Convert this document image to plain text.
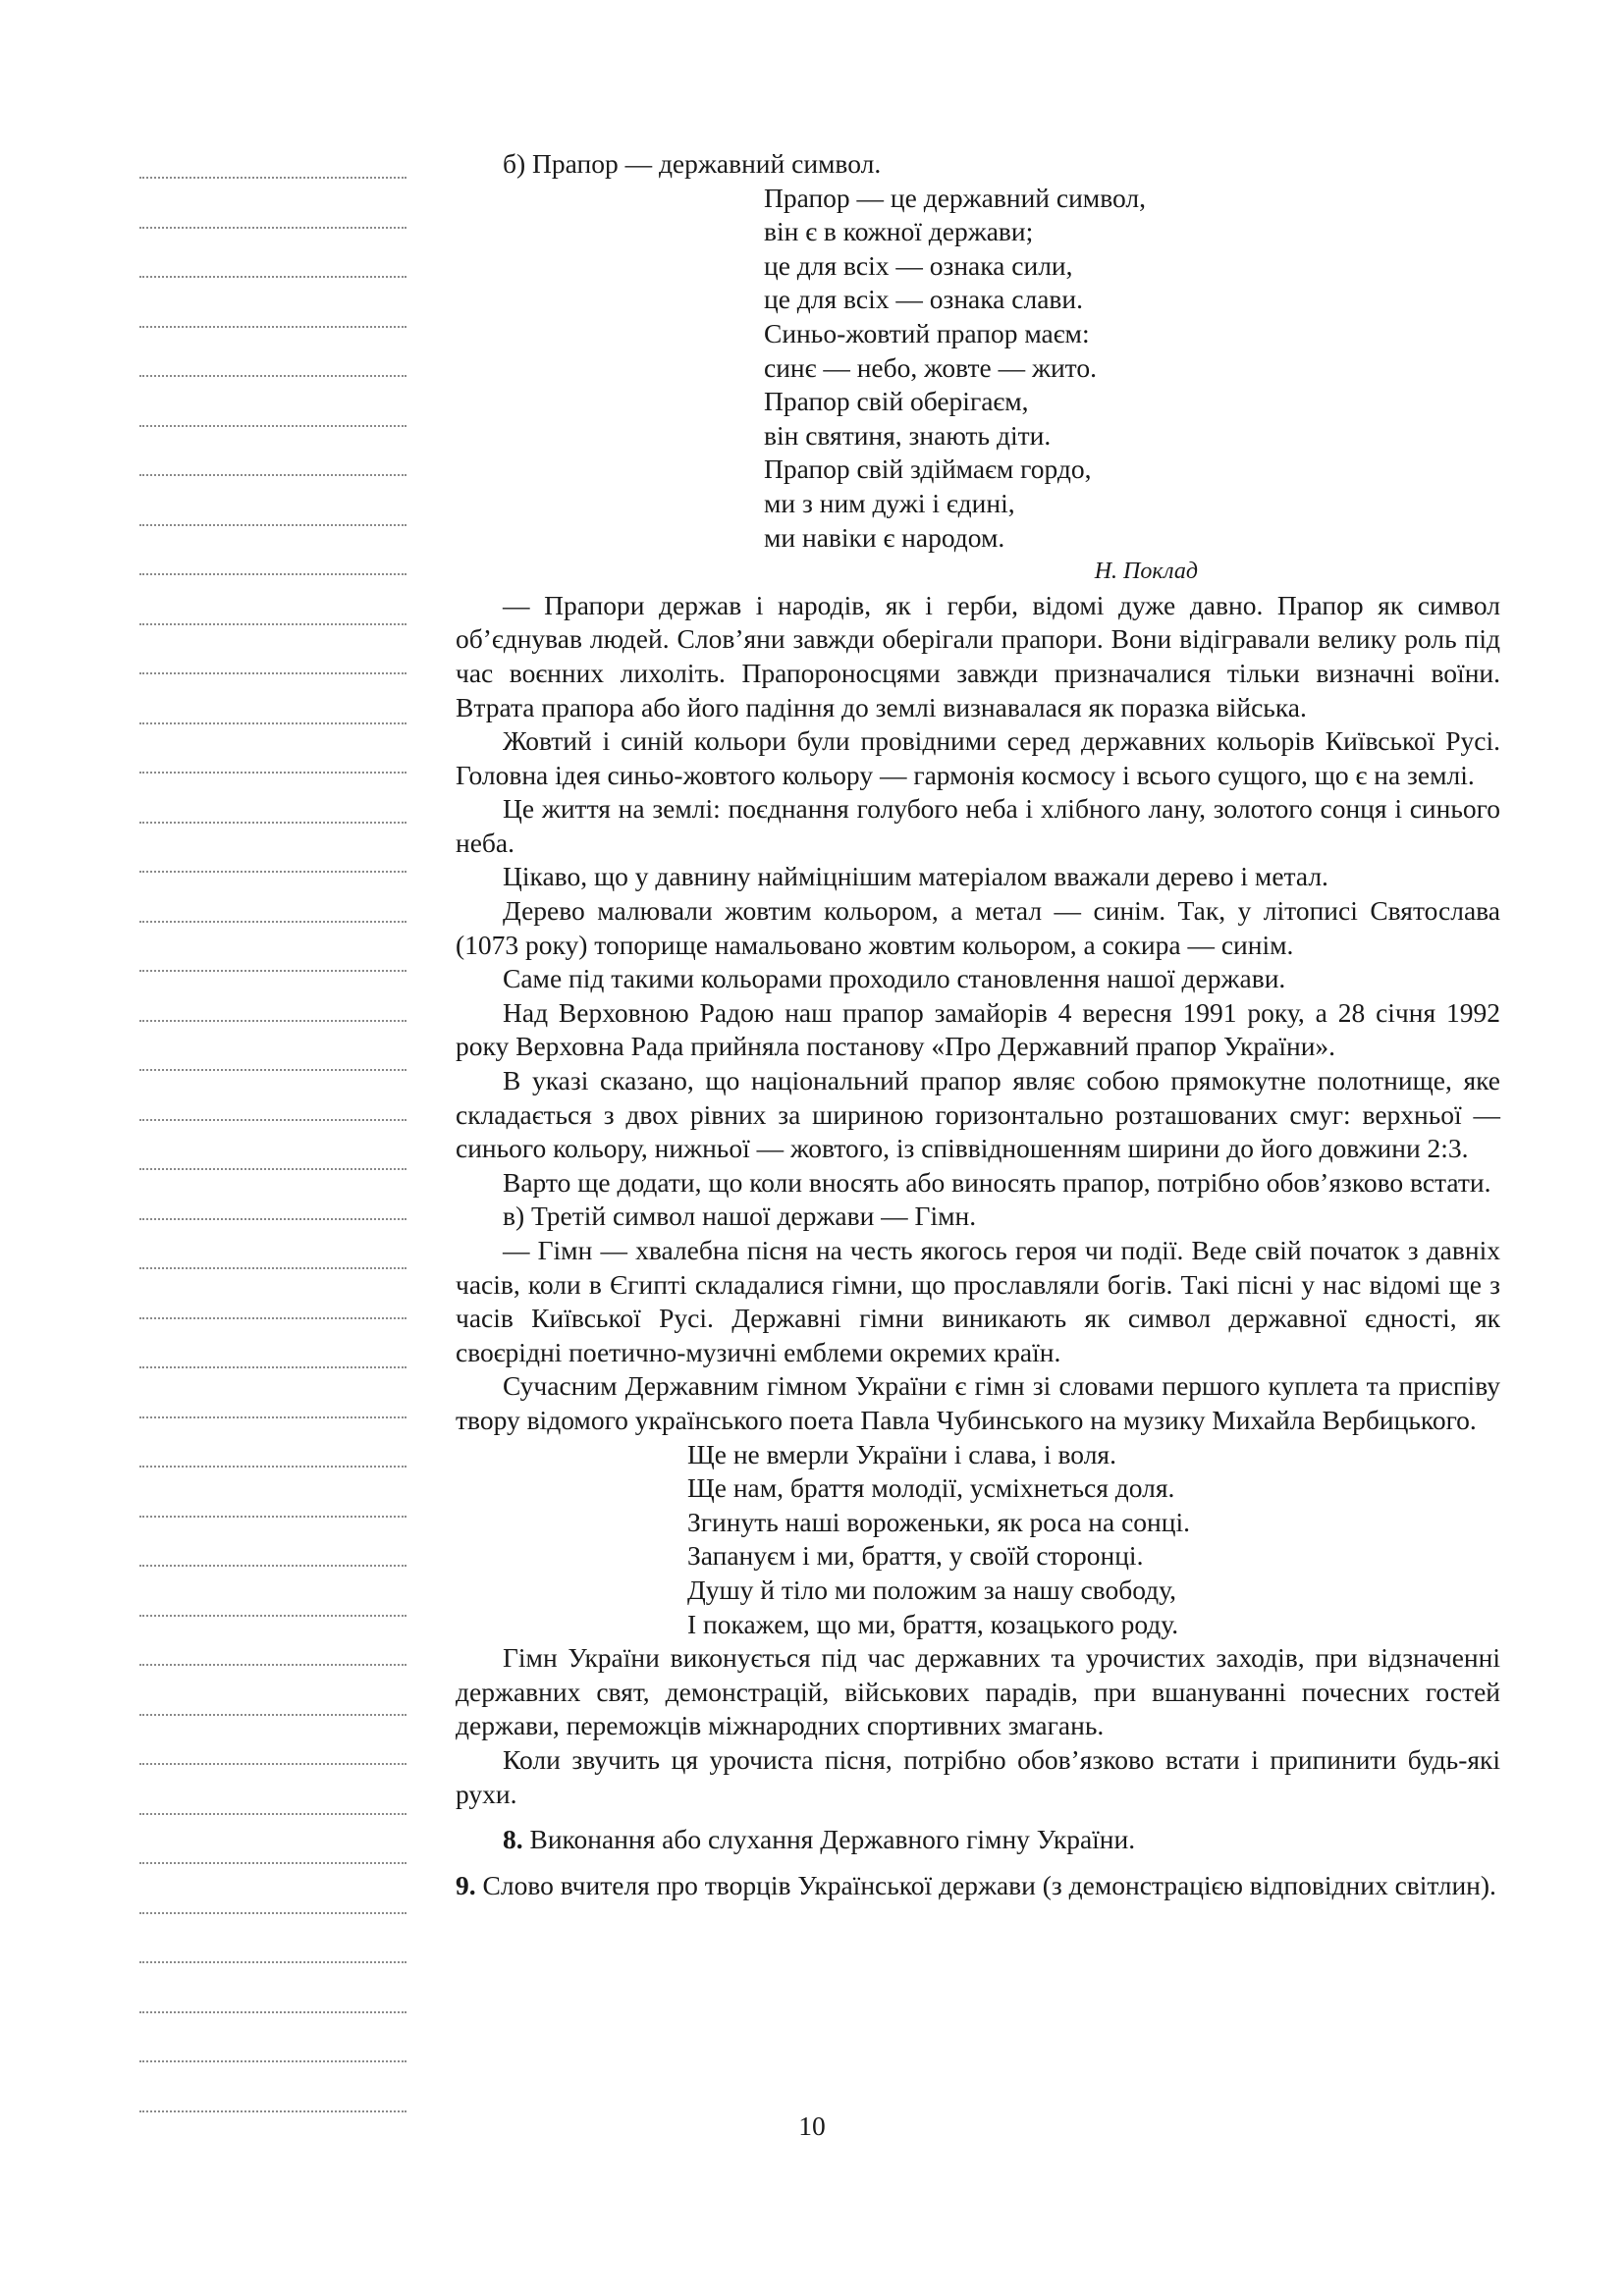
б) Прапор — державний символ.
Прапор — це державний символ,
він є в кожної держави;
це для всіх — ознака сили,
це для всіх — ознака слави.
Синьо-жовтий прапор маєм:
синє — небо, жовте — жито.
Прапор свій оберігаєм,
він святиня, знають діти.
Прапор свій здіймаєм гордо,
ми з ним дужі і єдині,
ми навіки є народом.
Н. Поклад
— Прапори держав і народів, як і герби, відомі дуже давно. Прапор як символ об’єднував людей. Слов’яни завжди оберігали прапори. Вони відігравали велику роль під час воєнних лихоліть. Прапороносцями завжди призначалися тільки визначні воїни. Втрата прапора або його падіння до землі визнавалася як поразка війська.
Жовтий і синій кольори були провідними серед державних кольорів Київської Русі. Головна ідея синьо-жовтого кольору — гармонія космосу і всього сущого, що є на землі.
Це життя на землі: поєднання голубого неба і хлібного лану, золотого сонця і синього неба.
Цікаво, що у давнину найміцнішим матеріалом вважали дерево і метал.
Дерево малювали жовтим кольором, а метал — синім. Так, у літописі Святослава (1073 року) топорище намальовано жовтим кольором, а сокира — синім.
Саме під такими кольорами проходило становлення нашої держави.
Над Верховною Радою наш прапор замайорів 4 вересня 1991 року, а 28 січня 1992 року Верховна Рада прийняла постанову «Про Державний прапор України».
В указі сказано, що національний прапор являє собою прямокутне полотнище, яке складається з двох рівних за шириною горизонтально розташованих смуг: верхньої — синього кольору, нижньої — жовтого, із співвідношенням ширини до його довжини 2:3.
Варто ще додати, що коли вносять або виносять прапор, потрібно обов’язково встати.
в) Третій символ нашої держави — Гімн.
— Гімн — хвалебна пісня на честь якогось героя чи події. Веде свій початок з давніх часів, коли в Єгипті складалися гімни, що прославляли богів. Такі пісні у нас відомі ще з часів Київської Русі. Державні гімни виникають як символ державної єдності, як своєрідні поетично-музичні емблеми окремих країн.
Сучасним Державним гімном України є гімн зі словами першого куплета та приспіву твору відомого українського поета Павла Чубинського на музику Михайла Вербицького.
Ще не вмерли України і слава, і воля.
Ще нам, браття молодії, усміхнеться доля.
Згинуть наші вороженьки, як роса на сонці.
Запануєм і ми, браття, у своїй сторонці.
Душу й тіло ми положим за нашу свободу,
І покажем, що ми, браття, козацького роду.
Гімн України виконується під час державних та урочистих заходів, при відзначенні державних свят, демонстрацій, військових парадів, при вшануванні почесних гостей держави, переможців міжнародних спортивних змагань.
Коли звучить ця урочиста пісня, потрібно обов’язково встати і припинити будь-які рухи.
8. Виконання або слухання Державного гімну України.
9. Слово вчителя про творців Української держави (з демонстрацією відповідних світлин).
10
